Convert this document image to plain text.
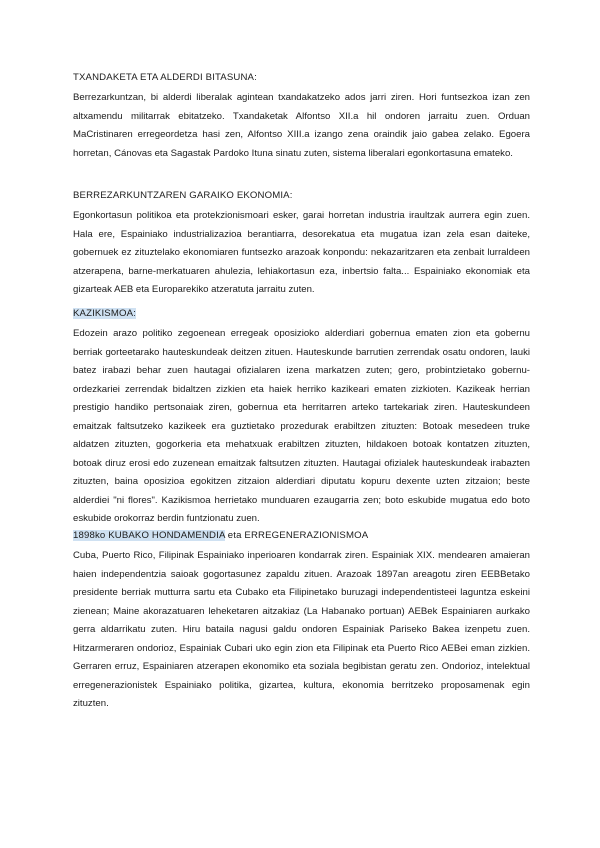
TXANDAKETA ETA ALDERDI BITASUNA:

Berrezarkuntzan, bi alderdi liberalak agintean txandakatzeko ados jarri ziren. Hori funtsezkoa izan zen altxamendu militarrak ebitatzeko. Txandaketak Alfontso XII.a hil ondoren jarraitu zuen. Orduan MaCristinaren erregeordetza hasi zen, Alfontso XIII.a izango zena oraindik jaio gabea zelako. Egoera horretan, Cánovas eta Sagastak Pardoko Ituna sinatu zuten, sistema liberalari egonkortasuna emateko.

BERREZARKUNTZAREN GARAIKO EKONOMIA:

Egonkortasun politikoa eta protekzionismoari esker, garai horretan industria iraultzak aurrera egin zuen. Hala ere, Espainiako industrializazioa berantiarra, desorekatua eta mugatua izan zela esan daiteke, gobernuek ez zituztelako ekonomiaren funtsezko arazoak konpondu: nekazaritzaren eta zenbait lurraldeen atzerapena, barne-merkatuaren ahulezia, lehiakortasun eza, inbertsio falta... Espainiako ekonomiak eta gizarteak AEB eta Europarekiko atzeratuta jarraitu zuten.

KAZIKISMOA:

Edozein arazo politiko zegoenean erregeak oposizioko alderdiari gobernua ematen zion eta gobernu berriak gorteetarako hauteskundeak deitzen zituen. Hauteskunde barrutien zerrendak osatu ondoren, lauki batez irabazi behar zuen hautagai ofizialaren izena markatzen zuten; gero, probintzietako gobernu- ordezkariei zerrendak bidaltzen zizkien eta haiek herriko kazikeari ematen zizkioten. Kazikeak herrian prestigio handiko pertsonaiak ziren, gobernua eta herritarren arteko tartekariak ziren. Hauteskundeen emaitzak faltsutzeko kazikeek era guztietako prozedurak erabiltzen zituzten: Botoak mesedeen truke aldatzen zituzten, gogorkeria eta mehatxuak erabiltzen zituzten, hildakoen botoak kontatzen zituzten, botoak diruz erosi edo zuzenean emaitzak faltsutzen zituzten. Hautagai ofizialek hauteskundeak irabazten zituzten, baina oposizioa egokitzen zitzaion alderdiari diputatu kopuru dexente uzten zitzaion; beste alderdiei "ni flores". Kazikismoa herrietako munduaren ezaugarria zen; boto eskubide mugatua edo boto eskubide orokorraz berdin funtzionatu zuen.

1898ko KUBAKO HONDAMENDIA eta ERREGENERAZIONISMOA

Cuba, Puerto Rico, Filipinak Espainiako inperioaren kondarrak ziren. Espainiak XIX. mendearen amaieran haien independentzia saioak gogortasunez zapaldu zituen. Arazoak 1897an areagotu ziren EEBBetako presidente berriak mutturra sartu eta Cubako eta Filipinetako buruzagi independentisteei laguntza eskeini zienean; Maine akorazatuaren leheketaren aitzakiaz (La Habanako portuan) AEBek Espainiaren aurkako gerra aldarrikatu zuten. Hiru bataila nagusi galdu ondoren Espainiak Pariseko Bakea izenpetu zuen. Hitzarmeraren ondorioz, Espainiak Cubari uko egin zion eta Filipinak eta Puerto Rico AEBei eman zizkien. Gerraren erruz, Espainiaren atzerapen ekonomiko eta soziala begibistan geratu zen. Ondorioz, intelektual erregenerazionistek Espainiako politika, gizartea, kultura, ekonomia berritzeko proposamenak egin zituzten.
